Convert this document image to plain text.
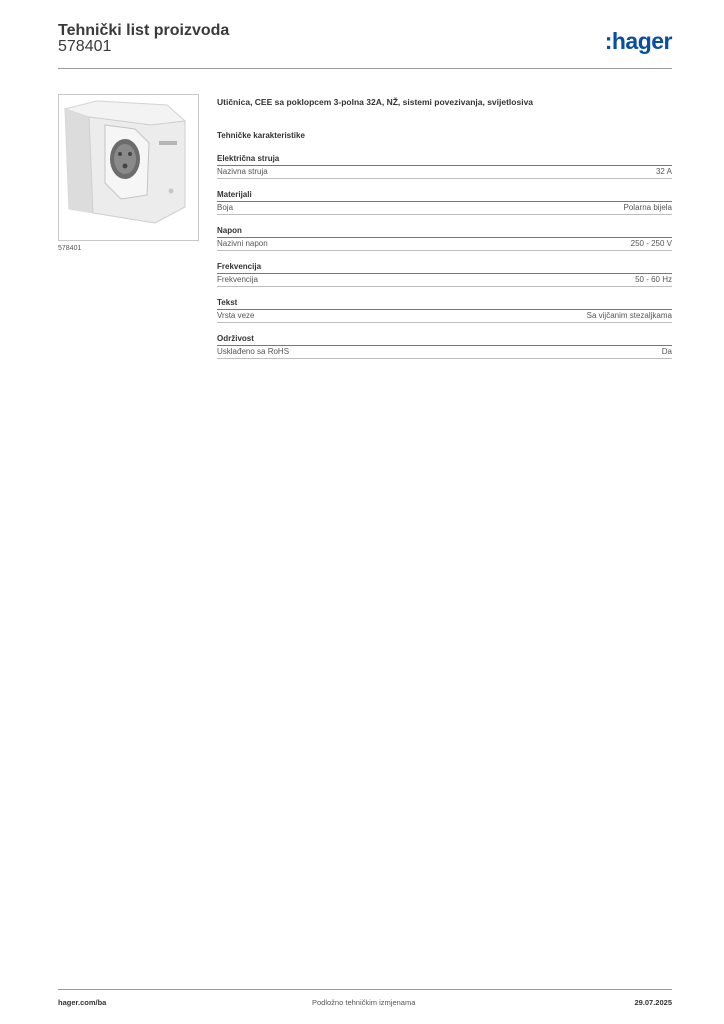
Tehnički list proizvoda
578401	:hager
578401
Utičnica, CEE sa poklopcem 3-polna 32A, NŽ, sistemi povezivanja, svijetlosiva
Tehničke karakteristike
Električna struja
Nazivna struja	32 A
Materijali
Boja	Polarna bijela
Napon
Nazivni napon	250 - 250 V
Frekvencija
Frekvencija	50 - 60 Hz
Tekst
Vrsta veze	Sa vijčanim stezaljkama
Održivost
Usklađeno sa RoHS	Da
hager.com/ba	Podložno tehničkim izmjenama	29.07.2025
